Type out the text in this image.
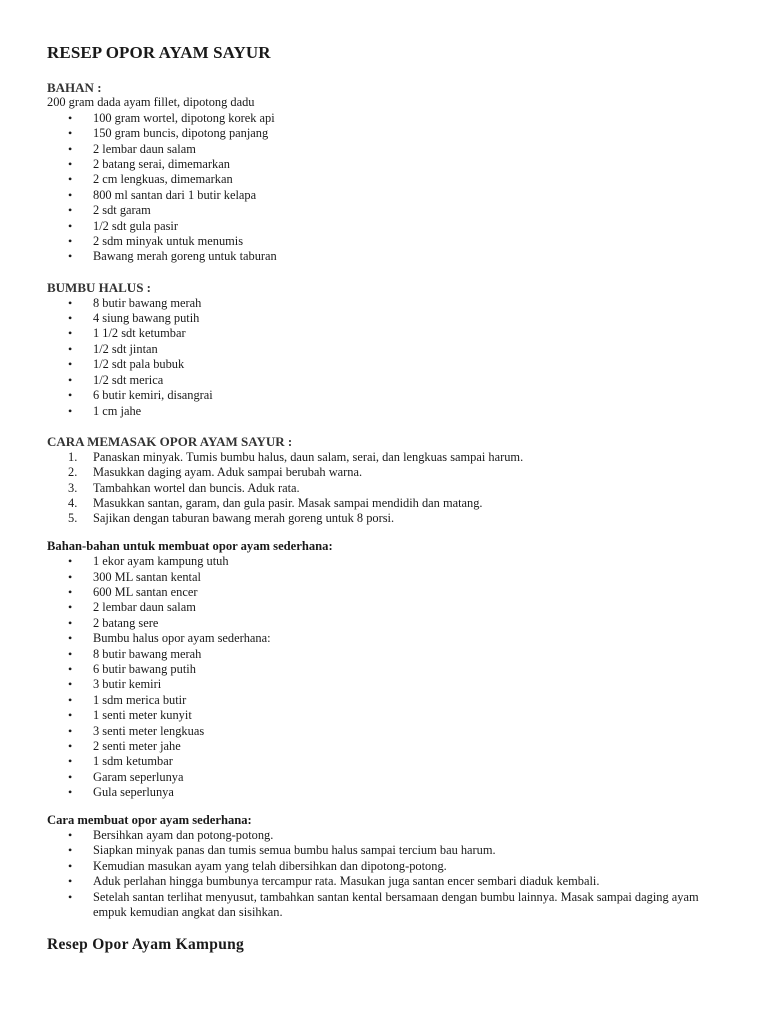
RESEP OPOR AYAM SAYUR
BAHAN :
200 gram dada ayam fillet, dipotong dadu
• 100 gram wortel, dipotong korek api
• 150 gram buncis, dipotong panjang
• 2 lembar daun salam
• 2 batang serai, dimemarkan
• 2 cm lengkuas, dimemarkan
• 800 ml santan dari 1 butir kelapa
• 2 sdt garam
• 1/2 sdt gula pasir
• 2 sdm minyak untuk menumis
• Bawang merah goreng untuk taburan
BUMBU HALUS :
• 8 butir bawang merah
• 4 siung bawang putih
• 1 1/2 sdt ketumbar
• 1/2 sdt jintan
• 1/2 sdt pala bubuk
• 1/2 sdt merica
• 6 butir kemiri, disangrai
• 1 cm jahe
CARA MEMASAK OPOR AYAM SAYUR :
1. Panaskan minyak. Tumis bumbu halus, daun salam, serai, dan lengkuas sampai harum.
2. Masukkan daging ayam. Aduk sampai berubah warna.
3. Tambahkan wortel dan buncis. Aduk rata.
4. Masukkan santan, garam, dan gula pasir. Masak sampai mendidih dan matang.
5. Sajikan dengan taburan bawang merah goreng untuk 8 porsi.
Bahan-bahan untuk membuat opor ayam sederhana:
• 1 ekor ayam kampung utuh
• 300 ML santan kental
• 600 ML santan encer
• 2 lembar daun salam
• 2 batang sere
• Bumbu halus opor ayam sederhana:
• 8 butir bawang merah
• 6 butir bawang putih
• 3 butir kemiri
• 1 sdm merica butir
• 1 senti meter kunyit
• 3 senti meter lengkuas
• 2 senti meter jahe
• 1 sdm ketumbar
• Garam seperlunya
• Gula seperlunya
Cara membuat opor ayam sederhana:
• Bersihkan ayam dan potong-potong.
• Siapkan minyak panas dan tumis semua bumbu halus sampai tercium bau harum.
• Kemudian masukan ayam yang telah dibersihkan dan dipotong-potong.
• Aduk perlahan hingga bumbunya tercampur rata. Masukan juga santan encer sembari diaduk kembali.
• Setelah santan terlihat menyusut, tambahkan santan kental bersamaan dengan bumbu lainnya. Masak sampai daging ayam empuk kemudian angkat dan sisihkan.
Resep Opor Ayam Kampung
